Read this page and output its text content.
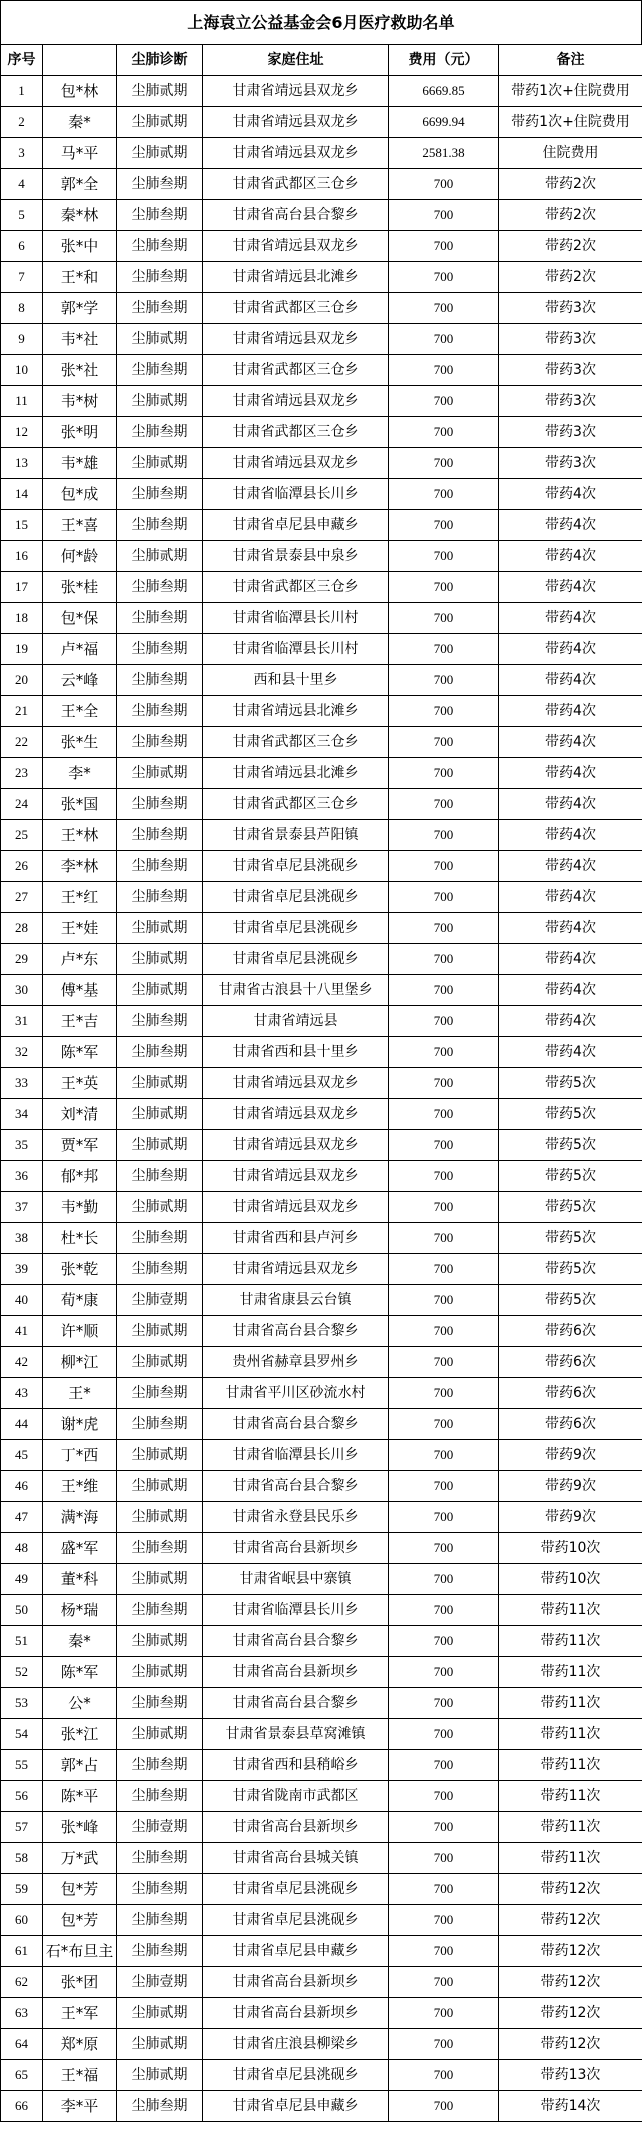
上海袁立公益基金会6月医疗救助名单
序号		尘肺诊断	家庭住址	费用（元）	备注
1	包*林	尘肺贰期	甘肃省靖远县双龙乡	6669.85	带药1次+住院费用
2	秦*	尘肺贰期	甘肃省靖远县双龙乡	6699.94	带药1次+住院费用
3	马*平	尘肺贰期	甘肃省靖远县双龙乡	2581.38	住院费用
4	郭*全	尘肺叁期	甘肃省武都区三仓乡	700	带药2次
5	秦*林	尘肺叁期	甘肃省高台县合黎乡	700	带药2次
6	张*中	尘肺叁期	甘肃省靖远县双龙乡	700	带药2次
7	王*和	尘肺叁期	甘肃省靖远县北滩乡	700	带药2次
8	郭*学	尘肺叁期	甘肃省武都区三仓乡	700	带药3次
9	韦*社	尘肺贰期	甘肃省靖远县双龙乡	700	带药3次
10	张*社	尘肺叁期	甘肃省武都区三仓乡	700	带药3次
11	韦*树	尘肺贰期	甘肃省靖远县双龙乡	700	带药3次
12	张*明	尘肺叁期	甘肃省武都区三仓乡	700	带药3次
13	韦*雄	尘肺贰期	甘肃省靖远县双龙乡	700	带药3次
14	包*成	尘肺叁期	甘肃省临潭县长川乡	700	带药4次
15	王*喜	尘肺叁期	甘肃省卓尼县申藏乡	700	带药4次
16	何*龄	尘肺贰期	甘肃省景泰县中泉乡	700	带药4次
17	张*桂	尘肺叁期	甘肃省武都区三仓乡	700	带药4次
18	包*保	尘肺叁期	甘肃省临潭县长川村	700	带药4次
19	卢*福	尘肺叁期	甘肃省临潭县长川村	700	带药4次
20	云*峰	尘肺叁期	西和县十里乡	700	带药4次
21	王*全	尘肺叁期	甘肃省靖远县北滩乡	700	带药4次
22	张*生	尘肺叁期	甘肃省武都区三仓乡	700	带药4次
23	李*	尘肺贰期	甘肃省靖远县北滩乡	700	带药4次
24	张*国	尘肺叁期	甘肃省武都区三仓乡	700	带药4次
25	王*林	尘肺叁期	甘肃省景泰县芦阳镇	700	带药4次
26	李*林	尘肺叁期	甘肃省卓尼县洮砚乡	700	带药4次
27	王*红	尘肺叁期	甘肃省卓尼县洮砚乡	700	带药4次
28	王*娃	尘肺贰期	甘肃省卓尼县洮砚乡	700	带药4次
29	卢*东	尘肺贰期	甘肃省卓尼县洮砚乡	700	带药4次
30	傅*基	尘肺贰期	甘肃省古浪县十八里堡乡	700	带药4次
31	王*吉	尘肺叁期	甘肃省靖远县	700	带药4次
32	陈*军	尘肺叁期	甘肃省西和县十里乡	700	带药4次
33	王*英	尘肺贰期	甘肃省靖远县双龙乡	700	带药5次
34	刘*清	尘肺贰期	甘肃省靖远县双龙乡	700	带药5次
35	贾*军	尘肺贰期	甘肃省靖远县双龙乡	700	带药5次
36	郁*邦	尘肺叁期	甘肃省靖远县双龙乡	700	带药5次
37	韦*勤	尘肺贰期	甘肃省靖远县双龙乡	700	带药5次
38	杜*长	尘肺叁期	甘肃省西和县卢河乡	700	带药5次
39	张*乾	尘肺叁期	甘肃省靖远县双龙乡	700	带药5次
40	荀*康	尘肺壹期	甘肃省康县云台镇	700	带药5次
41	许*顺	尘肺贰期	甘肃省高台县合黎乡	700	带药6次
42	柳*江	尘肺贰期	贵州省赫章县罗州乡	700	带药6次
43	王*	尘肺叁期	甘肃省平川区砂流水村	700	带药6次
44	谢*虎	尘肺叁期	甘肃省高台县合黎乡	700	带药6次
45	丁*西	尘肺贰期	甘肃省临潭县长川乡	700	带药9次
46	王*维	尘肺贰期	甘肃省高台县合黎乡	700	带药9次
47	满*海	尘肺贰期	甘肃省永登县民乐乡	700	带药9次
48	盛*军	尘肺叁期	甘肃省高台县新坝乡	700	带药10次
49	董*科	尘肺贰期	甘肃省岷县中寨镇	700	带药10次
50	杨*瑞	尘肺叁期	甘肃省临潭县长川乡	700	带药11次
51	秦*	尘肺贰期	甘肃省高台县合黎乡	700	带药11次
52	陈*军	尘肺贰期	甘肃省高台县新坝乡	700	带药11次
53	公*	尘肺叁期	甘肃省高台县合黎乡	700	带药11次
54	张*江	尘肺贰期	甘肃省景泰县草窝滩镇	700	带药11次
55	郭*占	尘肺叁期	甘肃省西和县稍峪乡	700	带药11次
56	陈*平	尘肺叁期	甘肃省陇南市武都区	700	带药11次
57	张*峰	尘肺壹期	甘肃省高台县新坝乡	700	带药11次
58	万*武	尘肺叁期	甘肃省高台县城关镇	700	带药11次
59	包*芳	尘肺叁期	甘肃省卓尼县洮砚乡	700	带药12次
60	包*芳	尘肺叁期	甘肃省卓尼县洮砚乡	700	带药12次
61	石*布旦主	尘肺叁期	甘肃省卓尼县申藏乡	700	带药12次
62	张*团	尘肺壹期	甘肃省高台县新坝乡	700	带药12次
63	王*军	尘肺贰期	甘肃省高台县新坝乡	700	带药12次
64	郑*原	尘肺贰期	甘肃省庄浪县柳梁乡	700	带药12次
65	王*福	尘肺贰期	甘肃省卓尼县洮砚乡	700	带药13次
66	李*平	尘肺叁期	甘肃省卓尼县申藏乡	700	带药14次
